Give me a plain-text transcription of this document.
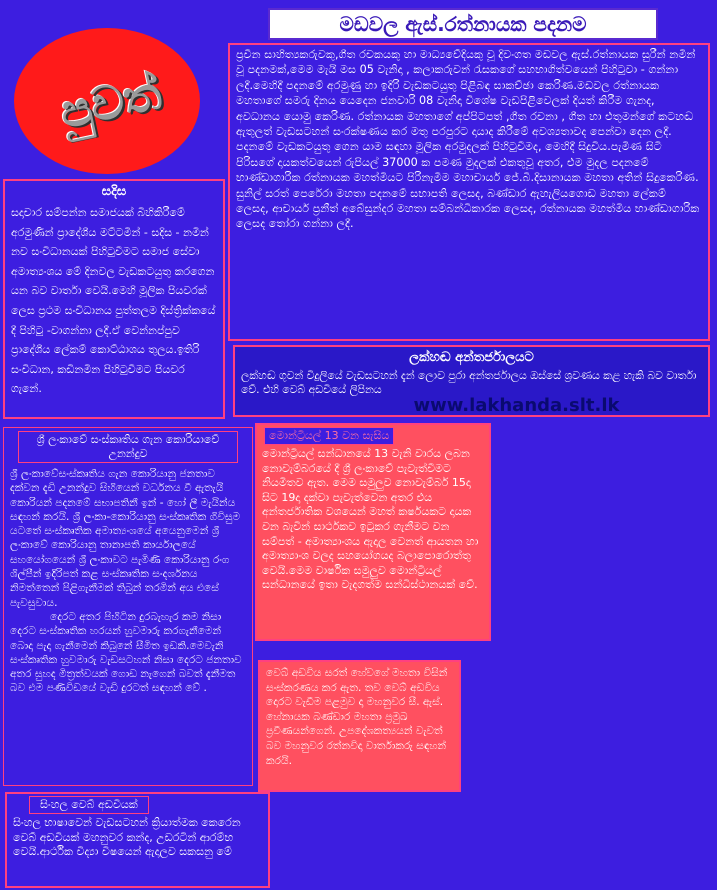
මඩවල ඇස්.රත්නායක පදනම
පුවත්

ප්‍රවීන සාහිත්‍යකරුවකු,ගීත රචකයකු හා මාධ්‍යවේදියකු වූ දිවංගත මඩවල ඇස්.රත්නායක සුරීන් නමින් වූ පදනමක්,මෙම මැයි මස 05 වැනිදා , කලාකරුවන් රැසකගේ සහභාගිත්වයෙන් පිහිටුවා - ගන්නා ලදී.මෙහිදී පදනමේ අරමුණු හා ඉදිරි වැඩකටයුතු පිළිබඳ සාකච්ඡා කෙරිණ.මඩවල රත්නායක මහතාගේ සමරු දිනය යෙදෙන ජනවාරි 08 වැනිදා විශේෂ වැඩපිළිවෙලක් දියත් කිරීම ගැනද, අවධානය යොමු කෙරිණ. රත්නායක මහතාගේ අප්පිටපත් ,ගීත රචනා , ගීත හා එතුමන්ගේ කටහඬ ඇතුලත් වැඩසටහන් සංරක්ෂණය කර මතු පරපුරට දායාද කිරීමේ අවශ්‍යතාවද පෙන්වා දෙන ලදී.

පදනමේ වැඩකටයුතු ගෙන යාම සඳහා මූලික අරමුදලක් පිහිටුවීමද, මෙහිදී සිදුවිය.පැමිණ සිටි පිරිසගේ දායකත්වයෙන් රුපියල් 37000 ක පමණ මුදලක් එකතුවූ අතර, එම මුදල පදනමේ භාණ්ඩාගාරික රත්නායක මහත්මියට පිරිනැමීම මහාචාර්ය ජේ.බී.දිසානායක මහතා අතින් සිදුකෙරිණ.

සුනිල් සරත් පෙරේරා මහතා පදනමේ සභාපති ලෙසද, බණ්ඩාර ඇහැලියගොඩ මහතා ලේකම් ලෙසද, ආචාර්ය ප්‍රනීත් අබේසුන්දර මහතා සම්බන්ධීකාරක ලෙසද, රත්නායක මහත්මිය භාණ්ඩාගාරික ලෙසද තෝරා ගන්නා ලදී.

සදිස
සදාචාර සම්පන්න සමාජයක් බිහිකිරීමේ අරමුණින් ප්‍රාදේශීය මට්ටමින් - සදිස - නමින් නව සංවිධානයක් පිහිටුවීමට සමාජ සේවා අමාත්‍යංශය මේ දිනවල වැඩකටයුතු කරගෙන යන බව වාර්තා වෙයි.මෙහි මූලික පියවරක් ලෙස ප්‍රථම සංවිධානය පුත්තලම දිස්ත්‍රික්කයේ දී පිහිටු -වාගන්නා ලදී.ඒ වෙන්නප්පුව ප්‍රාදේශීය ලේකම් කොට්ඨාශය තුලය.ඉතිරි සංවිධාන, කඩිනමින පිහිටුවීමට පියවර ගැනේ.
ලක්හඬ අන්තර්ජාලයට
ලක්හඬ ගුවන් විදුලියේ වැඩසටහන් දැන් ලොව පුරා අන්තර්ජාලය ඔස්සේ ශ්‍රවණය කළ හැකි බව වාර්තා වේ. එහි වෙබ් අඩවියේ ලිපිනය
www.lakhanda.slt.lk
ශ්‍රී ලංකාවේ සංස්කෘතිය ගැන කොරියාවේ උනන්දුව
ශ්‍රී ලංකාවේසංස්කෘතිය ගැන කොරියානු ජනතාව දක්වන දැඩි උනන්දුව සිහියෙන් වර්ධනය වී ඇතැයි කොරියන් පදනමේ සභාපතිනී ඉන් - හෝ ලී මැයින්ය සඳහන් කරයි. ශ්‍රී ලංකා-කොරියානු සංස්කෘතික ගිවිසුම යටතේ සංස්කෘතික අමාත්‍යංශයේ අයෙනුමෙන් ශ්‍රී ලංකාවේ කොරියානු තානාපති කාර්යාලයේ සහයෝගයෙන් ශ්‍රී ලංකාවට පැමිණි කොරියානු රංග ශිල්පීන් ඉදිරිපත් කළ සංස්කෘතික සංදර්ශනය නිමත්තෙන් පිළිගැනීමක් තිබුන් තරමින් අය එසේ පැවසුවාය.
දෙරට අතර පිහිටින දුරබැහැර කම නිසා දෙරට සංස්කෘතික හරයන් හුවමාරු කරගැනීමෙන් බොදා පැදා ගැනීමෙන් කිබුනේ සීමිත ඉඩකි.මෙවැනි සංස්කෘතික හුවමාරු වැඩසටහන් නිසා දෙරට ජනතාව අතර සුහද මිත්‍රත්වයක් ගොඩ නැගෙන් බවත් දැනීමත බව එම පණිවිඩයේ වැඩි දුරටත් සඳහන් වේ .
මොන්ට්‍රියල් 13 වන සැසිය
මොන්ට්‍රියල් සන්ධානයේ 13 වැනි වාරය ලබන නොවැම්බරයේ දී ශ්‍රී ලංකාවේ පැවැත්වීමට නියමිතව ඇත. මෙම සමුලුව නොවැම්බර් 15දා සිට 19දා දක්වා පැවැත්වෙන අතර එය අන්තර්ජාතික වශයෙන් මහත් කර්ෂයකට දායක වන බැවින් සාර්ථකව ඉටුකර ගැනීමට වන සම්පත් - අමාත්‍යාංශය ඇදාල වෙනත් ආයතන හා අමාත්‍යාංශ වලද සහයෝගයද බලාපොරොත්තු වෙයි.මෙම වාර්ෂික සමුලුව මොන්ට්‍රියල් සන්ධානයේ ඉතා වැදගත්ම සන්ධිස්ථානයක් වේ.
වෙබ් අඩවිය සරත් හේවගේ මහතා විසින් සංස්කරණය කර ඇත. තව වෙබ් අඩවිය දොරට වැඩීම පළමුව දා මහනුවර සී. ඇස්. හේනායක බණ්ඩාර මහතා ප්‍රමුඛ ප්‍රවීණයන්ගෙන්. උපදේශකත්‍යයන් වැවත් බව මහනුවර රත්නවිදා වාර්තාකරු සඳහන් කරයි.
සිංහල වෙබ් අඩවියක්
සිංහල භාෂාවෙන් වැඩසටහන් ක්‍රියාත්මක කෙරෙන වෙබ් අඩවියක් මහනුවර කන්ද, උඩරටින් ආරම්භ වෙයි.ආර්ථික විද්‍යා විෂයෙන් ඇදාලව සකසනු මේ
